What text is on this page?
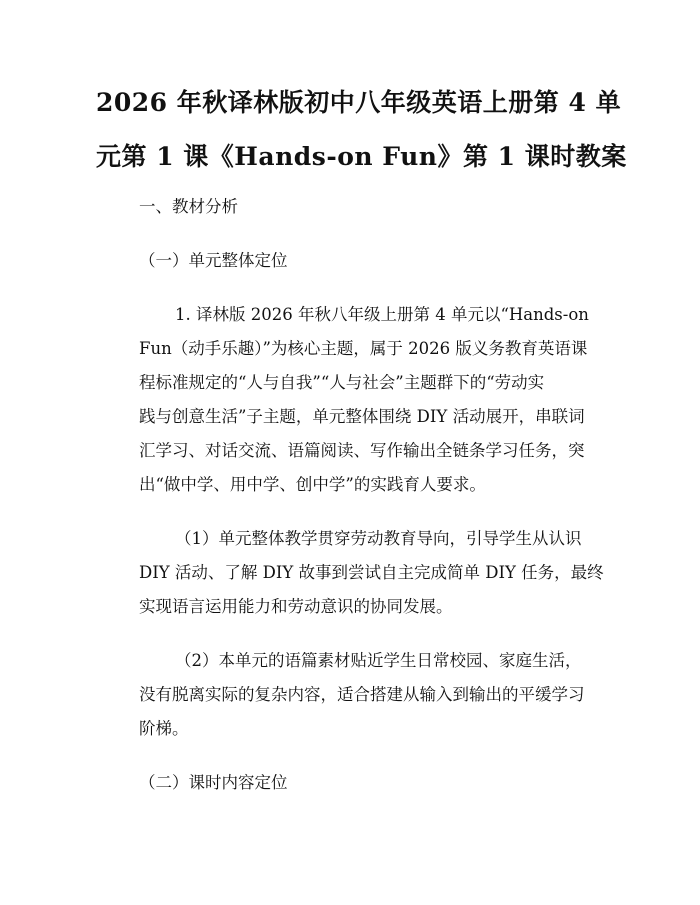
2026 年秋译林版初中八年级英语上册第 4 单
元第 1 课《Hands-on Fun》第 1 课时教案

一、教材分析

（一）单元整体定位

1. 译林版 2026 年秋八年级上册第 4 单元以“Hands-on
Fun（动手乐趣）”为核心主题，属于 2026 版义务教育英语课
程标准规定的“人与自我”“人与社会”主题群下的“劳动实
践与创意生活”子主题，单元整体围绕 DIY 活动展开，串联词
汇学习、对话交流、语篇阅读、写作输出全链条学习任务，突
出“做中学、用中学、创中学”的实践育人要求。
（1）单元整体教学贯穿劳动教育导向，引导学生从认识
DIY 活动、了解 DIY 故事到尝试自主完成简单 DIY 任务，最终
实现语言运用能力和劳动意识的协同发展。
（2）本单元的语篇素材贴近学生日常校园、家庭生活，
没有脱离实际的复杂内容，适合搭建从输入到输出的平缓学习
阶梯。

（二）课时内容定位
